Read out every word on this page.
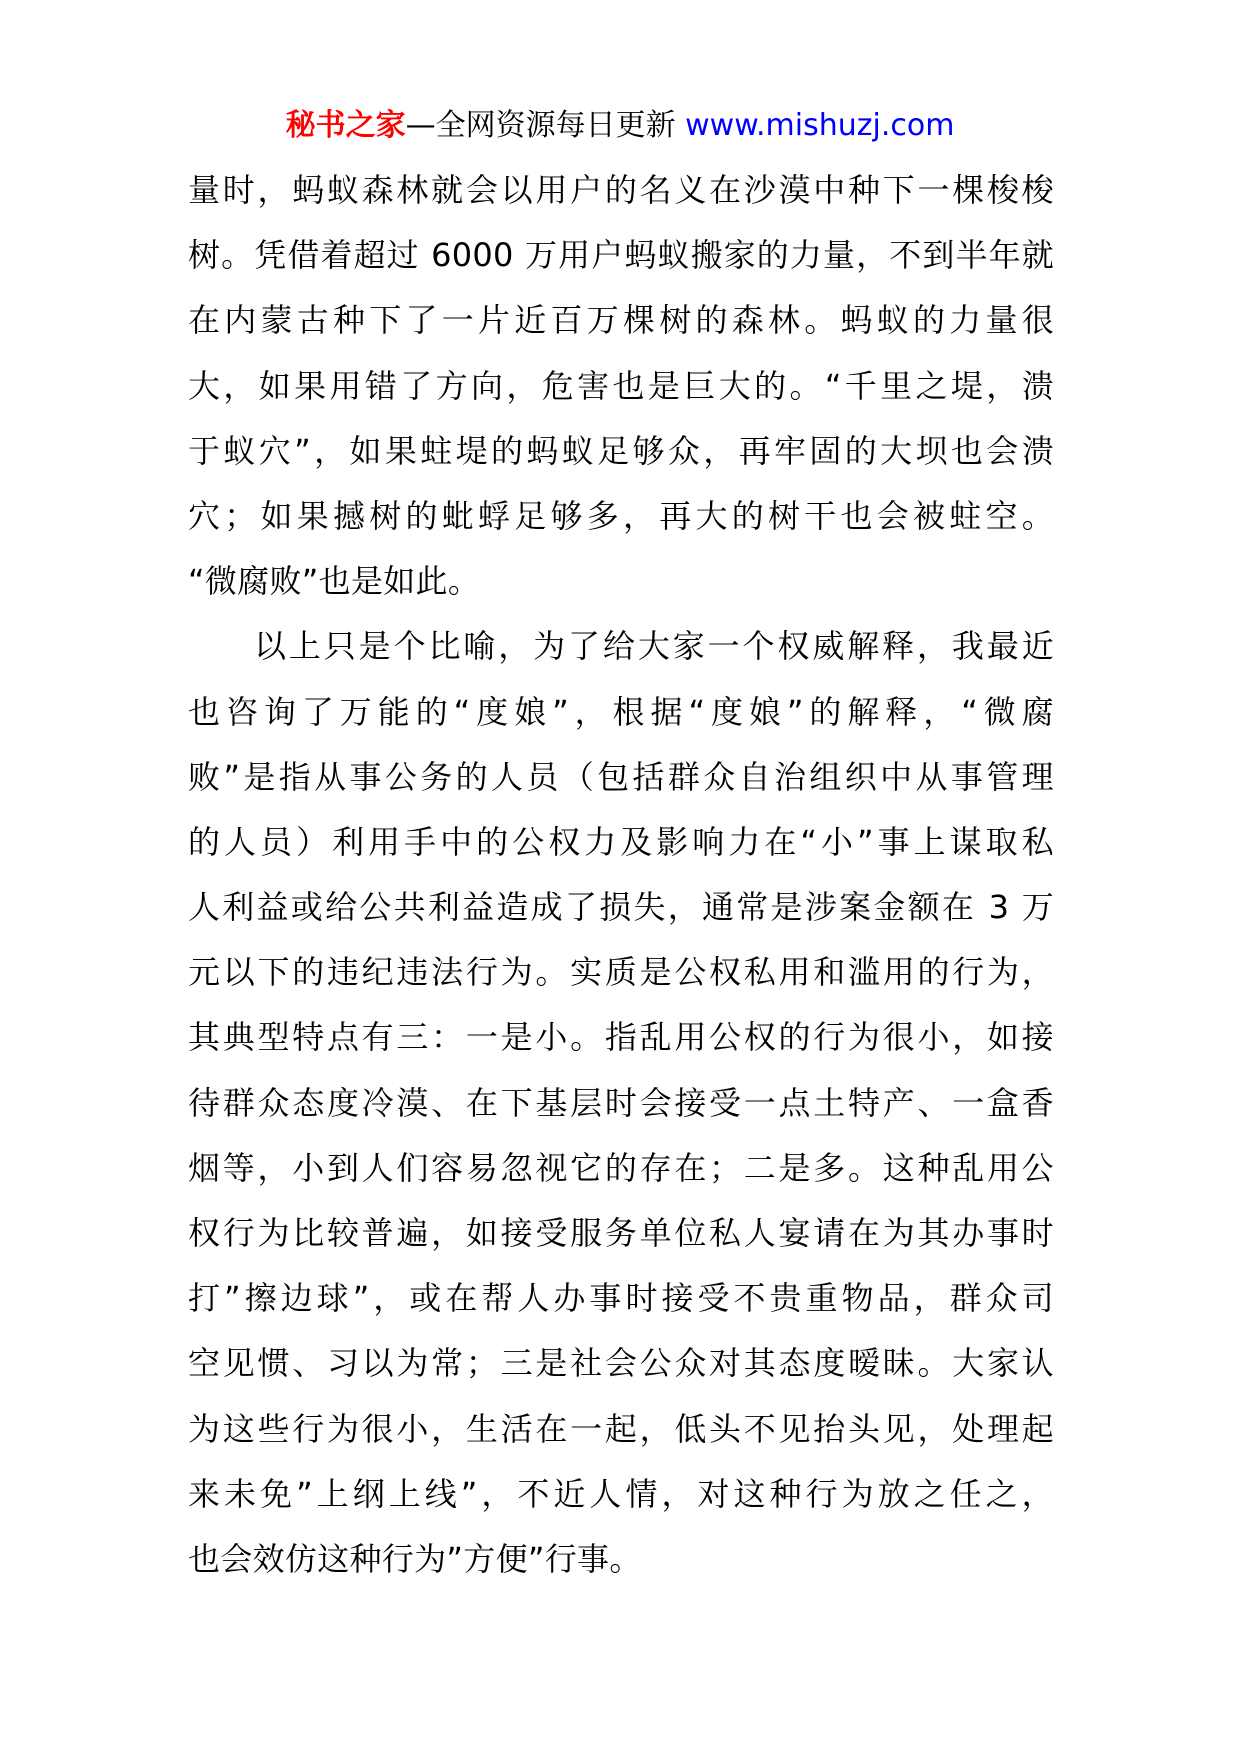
秘书之家—全网资源每日更新 www.mishuzj.com
量时，蚂蚁森林就会以用户的名义在沙漠中种下一棵梭梭
树。凭借着超过 6000 万用户蚂蚁搬家的力量，不到半年就
在内蒙古种下了一片近百万棵树的森林。蚂蚁的力量很
大，如果用错了方向，危害也是巨大的。“千里之堤，溃
于蚁穴”，如果蛀堤的蚂蚁足够众，再牢固的大坝也会溃
穴；如果撼树的蚍蜉足够多，再大的树干也会被蛀空。
“微腐败”也是如此。
以上只是个比喻，为了给大家一个权威解释，我最近
也咨询了万能的“度娘”，根据“度娘”的解释，“微腐
败”是指从事公务的人员（包括群众自治组织中从事管理
的人员）利用手中的公权力及影响力在“小”事上谋取私
人利益或给公共利益造成了损失，通常是涉案金额在 3 万
元以下的违纪违法行为。实质是公权私用和滥用的行为，
其典型特点有三：一是小。指乱用公权的行为很小，如接
待群众态度冷漠、在下基层时会接受一点土特产、一盒香
烟等，小到人们容易忽视它的存在；二是多。这种乱用公
权行为比较普遍，如接受服务单位私人宴请在为其办事时
打”擦边球”，或在帮人办事时接受不贵重物品，群众司
空见惯、习以为常；三是社会公众对其态度暧昧。大家认
为这些行为很小，生活在一起，低头不见抬头见，处理起
来未免”上纲上线”，不近人情，对这种行为放之任之，
也会效仿这种行为”方便”行事。
